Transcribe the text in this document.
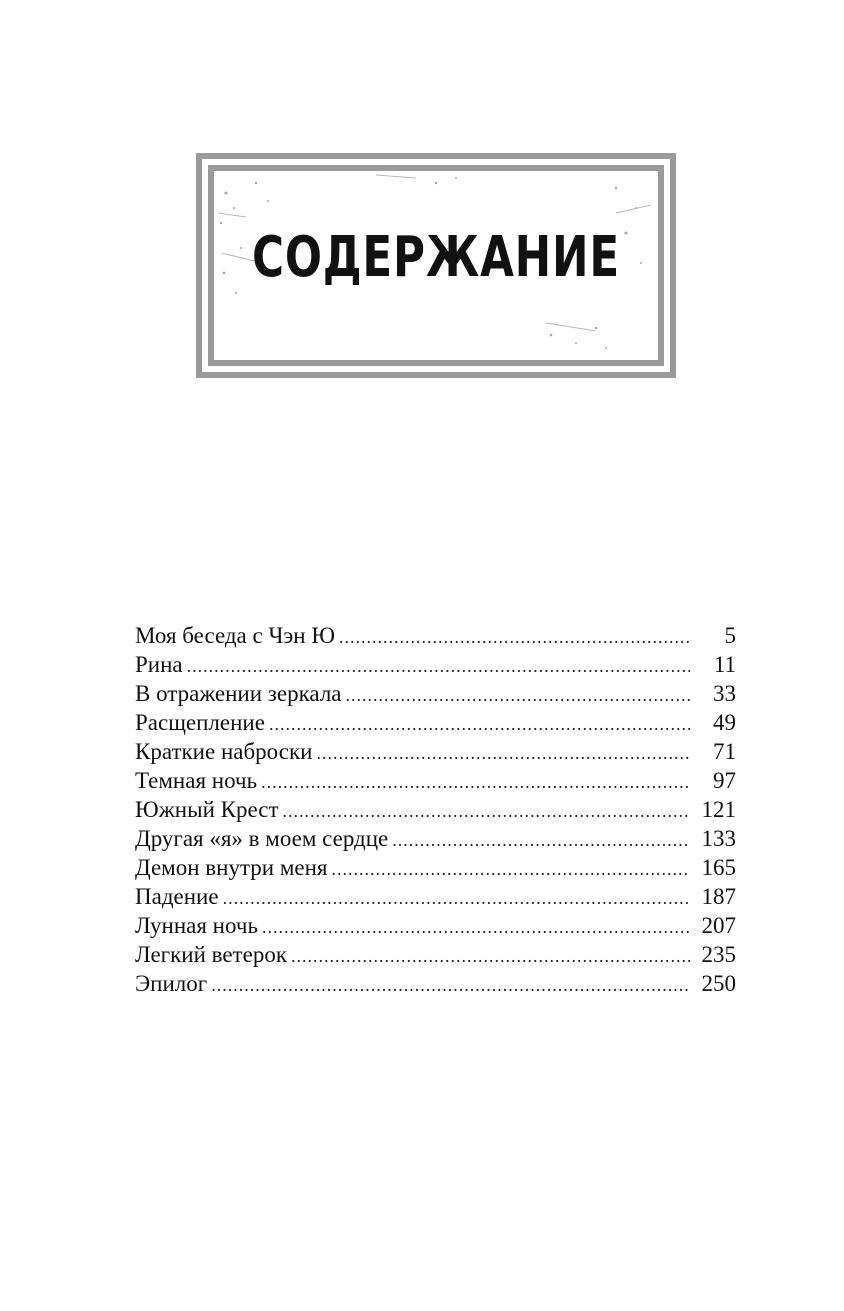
СОДЕРЖАНИЕ
Моя беседа с Чэн Ю .....	5
Рина .....	11
В отражении зеркала .....	33
Расщепление .....	49
Краткие наброски .....	71
Темная ночь .....	97
Южный Крест .....	121
Другая «я» в моем сердце .....	133
Демон внутри меня .....	165
Падение .....	187
Лунная ночь .....	207
Легкий ветерок .....	235
Эпилог .....	250
